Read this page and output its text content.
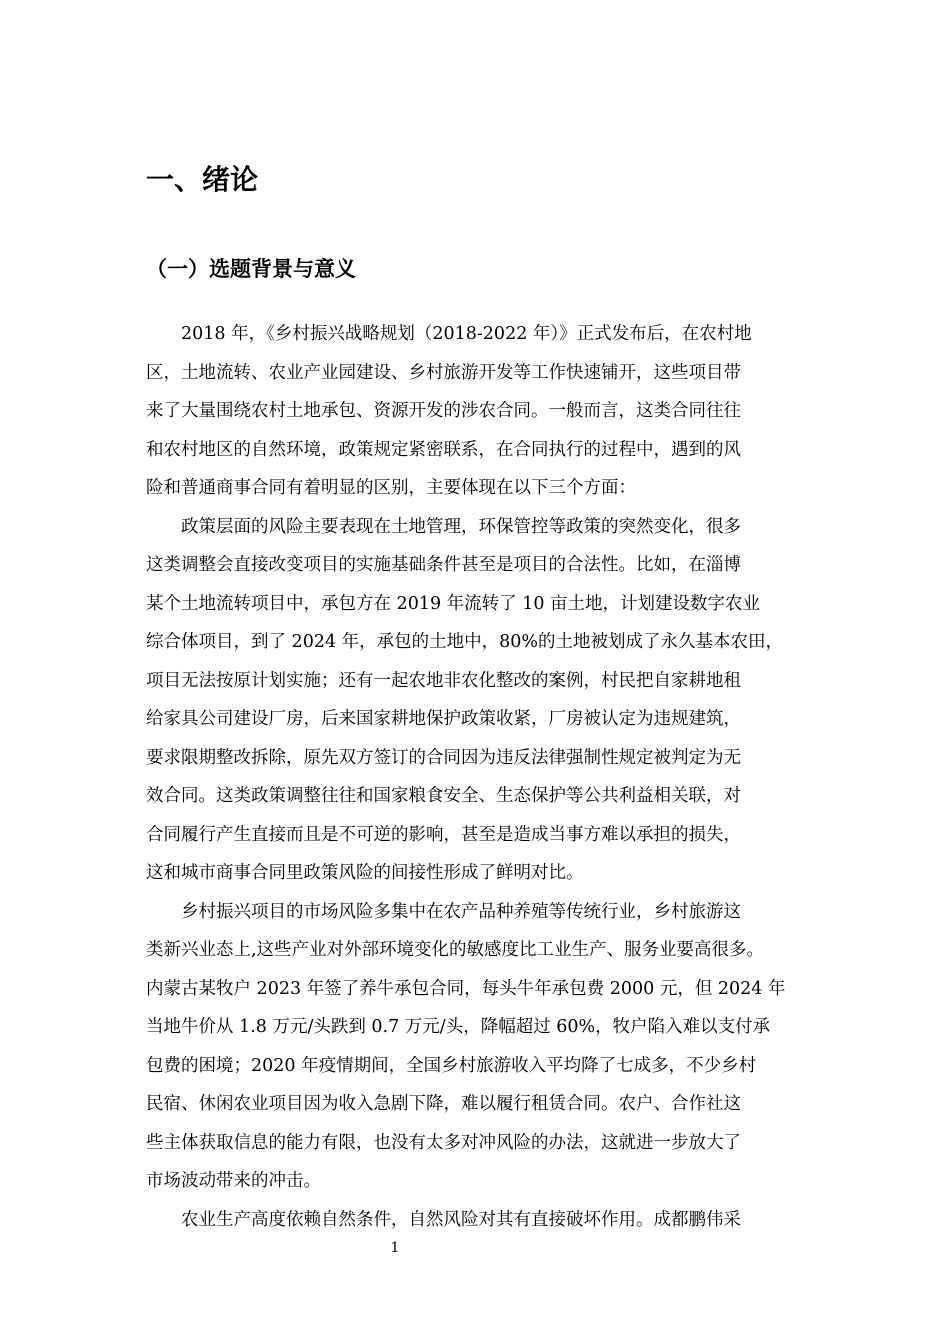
一、绪论
（一）选题背景与意义
2018 年，《乡村振兴战略规划（2018-2022 年）》正式发布后，在农村地
区，土地流转、农业产业园建设、乡村旅游开发等工作快速铺开，这些项目带
来了大量围绕农村土地承包、资源开发的涉农合同。一般而言，这类合同往往
和农村地区的自然环境，政策规定紧密联系，在合同执行的过程中，遇到的风
险和普通商事合同有着明显的区别，主要体现在以下三个方面：
政策层面的风险主要表现在土地管理，环保管控等政策的突然变化，很多
这类调整会直接改变项目的实施基础条件甚至是项目的合法性。比如，在淄博
某个土地流转项目中，承包方在 2019 年流转了 10 亩土地，计划建设数字农业
综合体项目，到了 2024 年，承包的土地中，80%的土地被划成了永久基本农田，
项目无法按原计划实施；还有一起农地非农化整改的案例，村民把自家耕地租
给家具公司建设厂房，后来国家耕地保护政策收紧，厂房被认定为违规建筑，
要求限期整改拆除，原先双方签订的合同因为违反法律强制性规定被判定为无
效合同。这类政策调整往往和国家粮食安全、生态保护等公共利益相关联，对
合同履行产生直接而且是不可逆的影响，甚至是造成当事方难以承担的损失，
这和城市商事合同里政策风险的间接性形成了鲜明对比。
乡村振兴项目的市场风险多集中在农产品种养殖等传统行业，乡村旅游这
类新兴业态上,这些产业对外部环境变化的敏感度比工业生产、服务业要高很多。
内蒙古某牧户 2023 年签了养牛承包合同，每头牛年承包费 2000 元，但 2024 年
当地牛价从 1.8 万元/头跌到 0.7 万元/头，降幅超过 60%，牧户陷入难以支付承
包费的困境；2020 年疫情期间，全国乡村旅游收入平均降了七成多，不少乡村
民宿、休闲农业项目因为收入急剧下降，难以履行租赁合同。农户、合作社这
些主体获取信息的能力有限，也没有太多对冲风险的办法，这就进一步放大了
市场波动带来的冲击。
农业生产高度依赖自然条件，自然风险对其有直接破坏作用。成都鹏伟采
1
